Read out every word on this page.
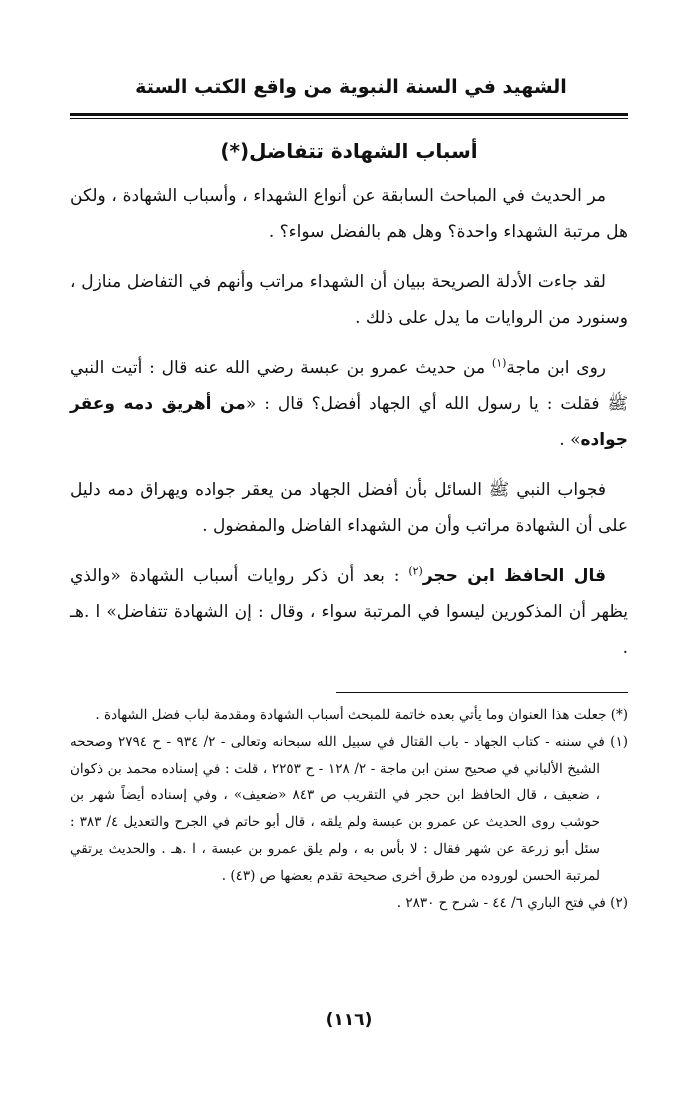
الشهيد في السنة النبوية من واقع الكتب الستة
أسباب الشهادة تتفاضل(*)

مر الحديث في المباحث السابقة عن أنواع الشهداء ، وأسباب الشهادة ، ولكن هل مرتبة الشهداء واحدة؟ وهل هم بالفضل سواء؟ .

لقد جاءت الأدلة الصريحة ببيان أن الشهداء مراتب وأنهم في التفاضل منازل ، وسنورد من الروايات ما يدل على ذلك .

روى ابن ماجة$^{(١)}$ من حديث عمرو بن عبسة رضي الله عنه قال : أتيت النبي ﷺ فقلت : يا رسول الله أي الجهاد أفضل؟ قال : «من أهريق دمه وعقر جواده» .

فجواب النبي ﷺ السائل بأن أفضل الجهاد من يعقر جواده ويهراق دمه دليل على أن الشهادة مراتب وأن من الشهداء الفاضل والمفضول .

قال الحافظ ابن حجر$^{(٢)}$ : بعد أن ذكر روايات أسباب الشهادة «والذي يظهر أن المذكورين ليسوا في المرتبة سواء ، وقال : إن الشهادة تتفاضل» ا .هـ .

(*) جعلت هذا العنوان وما يأتي بعده خاتمة للمبحث أسباب الشهادة ومقدمة لباب فضل الشهادة .

(١) في سننه - كتاب الجهاد - باب القتال في سبيل الله سبحانه وتعالى - ٢/ ٩٣٤ - ح ٢٧٩٤ وصححه الشيخ الألباني في صحيح سنن ابن ماجة - ٢/ ١٢٨ - ح ٢٢٥٣ ، قلت : في إسناده محمد بن ذكوان ، ضعيف ، قال الحافظ ابن حجر في التقريب ص ٨٤٣ «ضعيف» ، وفي إسناده أيضاً شهر بن حوشب روى الحديث عن عمرو بن عبسة ولم يلقه ، قال أبو حاتم في الجرح والتعديل ٤/ ٣٨٣ : سئل أبو زرعة عن شهر فقال : لا بأس به ، ولم يلق عمرو بن عبسة ، ا .هـ . والحديث يرتقي لمرتبة الحسن لوروده من طرق أخرى صحيحة تقدم بعضها ص (٤٣) .

(٢) في فتح الباري ٦/ ٤٤ - شرح ح ٢٨٣٠ .

(١١٦)
